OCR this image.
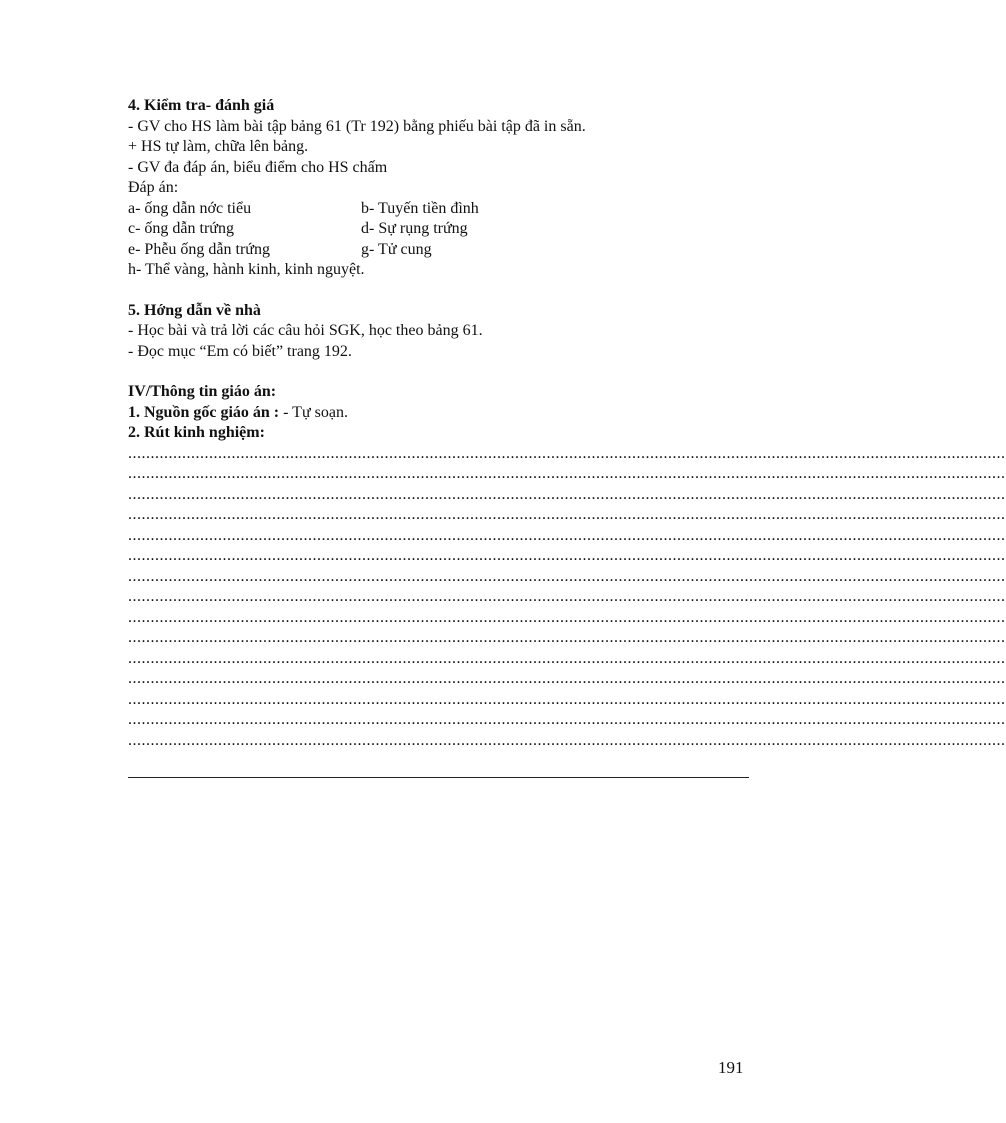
4. Kiểm tra- đánh giá
- GV cho HS làm bài tập bảng 61 (Tr 192) bằng phiếu bài tập đã in sẵn.
+ HS tự làm, chữa lên bảng.
- GV đa đáp án, biểu điểm cho HS chấm
Đáp án:
a- ống dẫn nớc tiểu	b- Tuyến tiền đình
c- ống dẫn trứng	d- Sự rụng trứng
e- Phễu ống dẫn trứng	g- Tử cung
h- Thể vàng, hành kinh, kinh nguyệt.
5. Hớng dẫn về nhà
- Học bài và trả lời các câu hỏi SGK, học theo bảng 61.
- Đọc mục “Em có biết” trang 192.
IV/Thông tin giáo án:
1. Nguồn gốc giáo án : - Tự soạn.
2. Rút kinh nghiệm:
...................................................................................................................................................................................................
...................................................................................................................................................................................................
...................................................................................................................................................................................................
...................................................................................................................................................................................................
...................................................................................................................................................................................................
...................................................................................................................................................................................................
...................................................................................................................................................................................................
...................................................................................................................................................................................................
...................................................................................................................................................................................................
...................................................................................................................................................................................................
...................................................................................................................................................................................................
...................................................................................................................................................................................................
...................................................................................................................................................................................................
...................................................................................................................................................................................................
...................................................................................................................................................................................................
191
